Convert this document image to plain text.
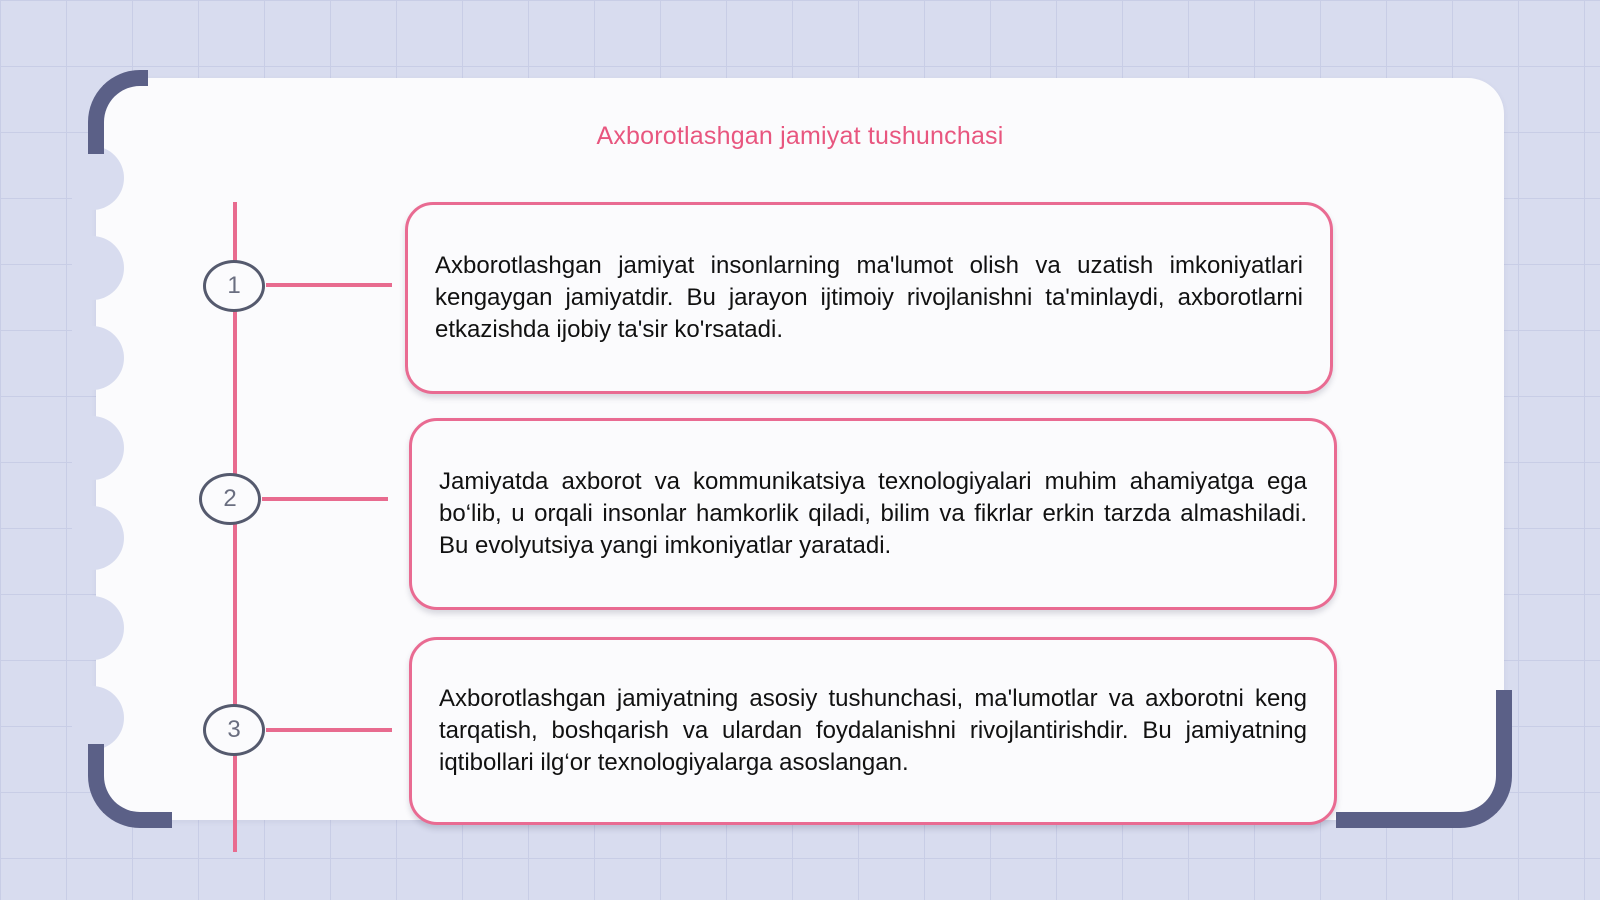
Axborotlashgan jamiyat tushunchasi
1
2
3

Axborotlashgan jamiyat insonlarning ma'lumot olish va uzatish imkoniyatlari kengaygan jamiyatdir. Bu jarayon ijtimoiy rivojlanishni ta'minlaydi, axborotlarni etkazishda ijobiy ta'sir ko'rsatadi.

Jamiyatda axborot va kommunikatsiya texnologiyalari muhim ahamiyatga ega bo‘lib, u orqali insonlar hamkorlik qiladi, bilim va fikrlar erkin tarzda almashiladi. Bu evolyutsiya yangi imkoniyatlar yaratadi.

Axborotlashgan jamiyatning asosiy tushunchasi, ma'lumotlar va axborotni keng tarqatish, boshqarish va ulardan foydalanishni rivojlantirishdir. Bu jamiyatning iqtibollari ilg‘or texnologiyalarga asoslangan.
